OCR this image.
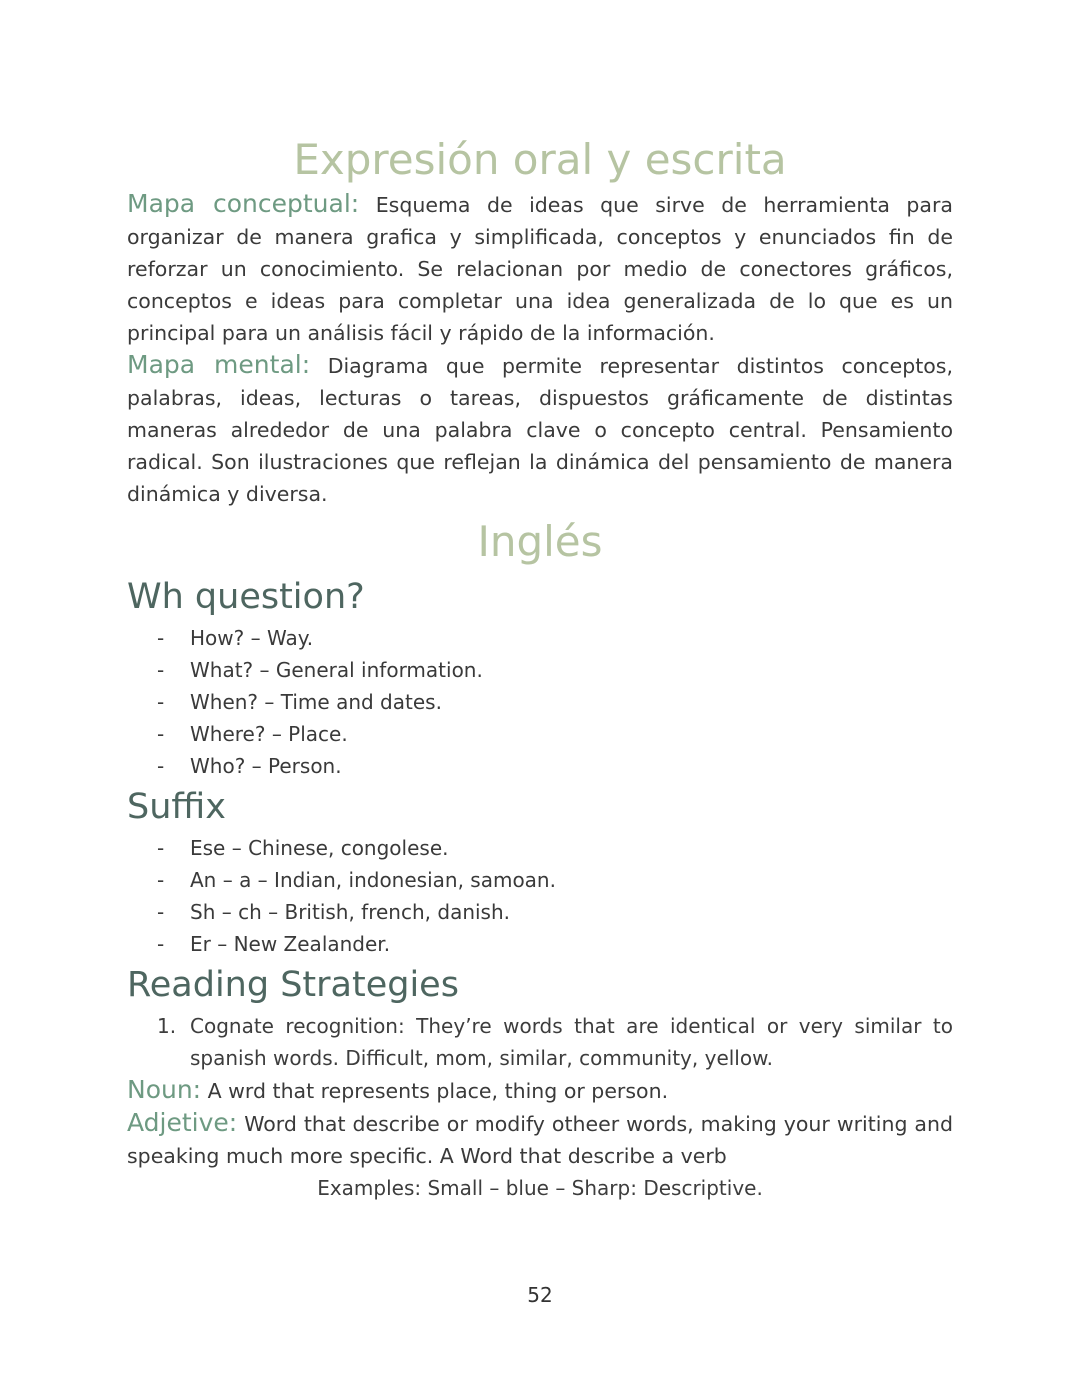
Expresión oral y escrita

Mapa conceptual: Esquema de ideas que sirve de herramienta para organizar de manera grafica y simplificada, conceptos y enunciados fin de reforzar un conocimiento. Se relacionan por medio de conectores gráficos, conceptos e ideas para completar una idea generalizada de lo que es un principal para un análisis fácil y rápido de la información.

Mapa mental: Diagrama que permite representar distintos conceptos, palabras, ideas, lecturas o tareas, dispuestos gráficamente de distintas maneras alrededor de una palabra clave o concepto central. Pensamiento radical. Son ilustraciones que reflejan la dinámica del pensamiento de manera dinámica y diversa.

Inglés
Wh question?
- How? – Way.
- What? – General information.
- When? – Time and dates.
- Where? – Place.
- Who? – Person.
Suffix
- Ese – Chinese, congolese.
- An – a – Indian, indonesian, samoan.
- Sh – ch – British, french, danish.
- Er – New Zealander.
Reading Strategies
1. Cognate recognition: They’re words that are identical or very similar to spanish words. Difficult, mom, similar, community, yellow.

Noun: A wrd that represents place, thing or person.

Adjetive: Word that describe or modify otheer words, making your writing and speaking much more specific. A Word that describe a verb

Examples: Small – blue – Sharp: Descriptive.

52
